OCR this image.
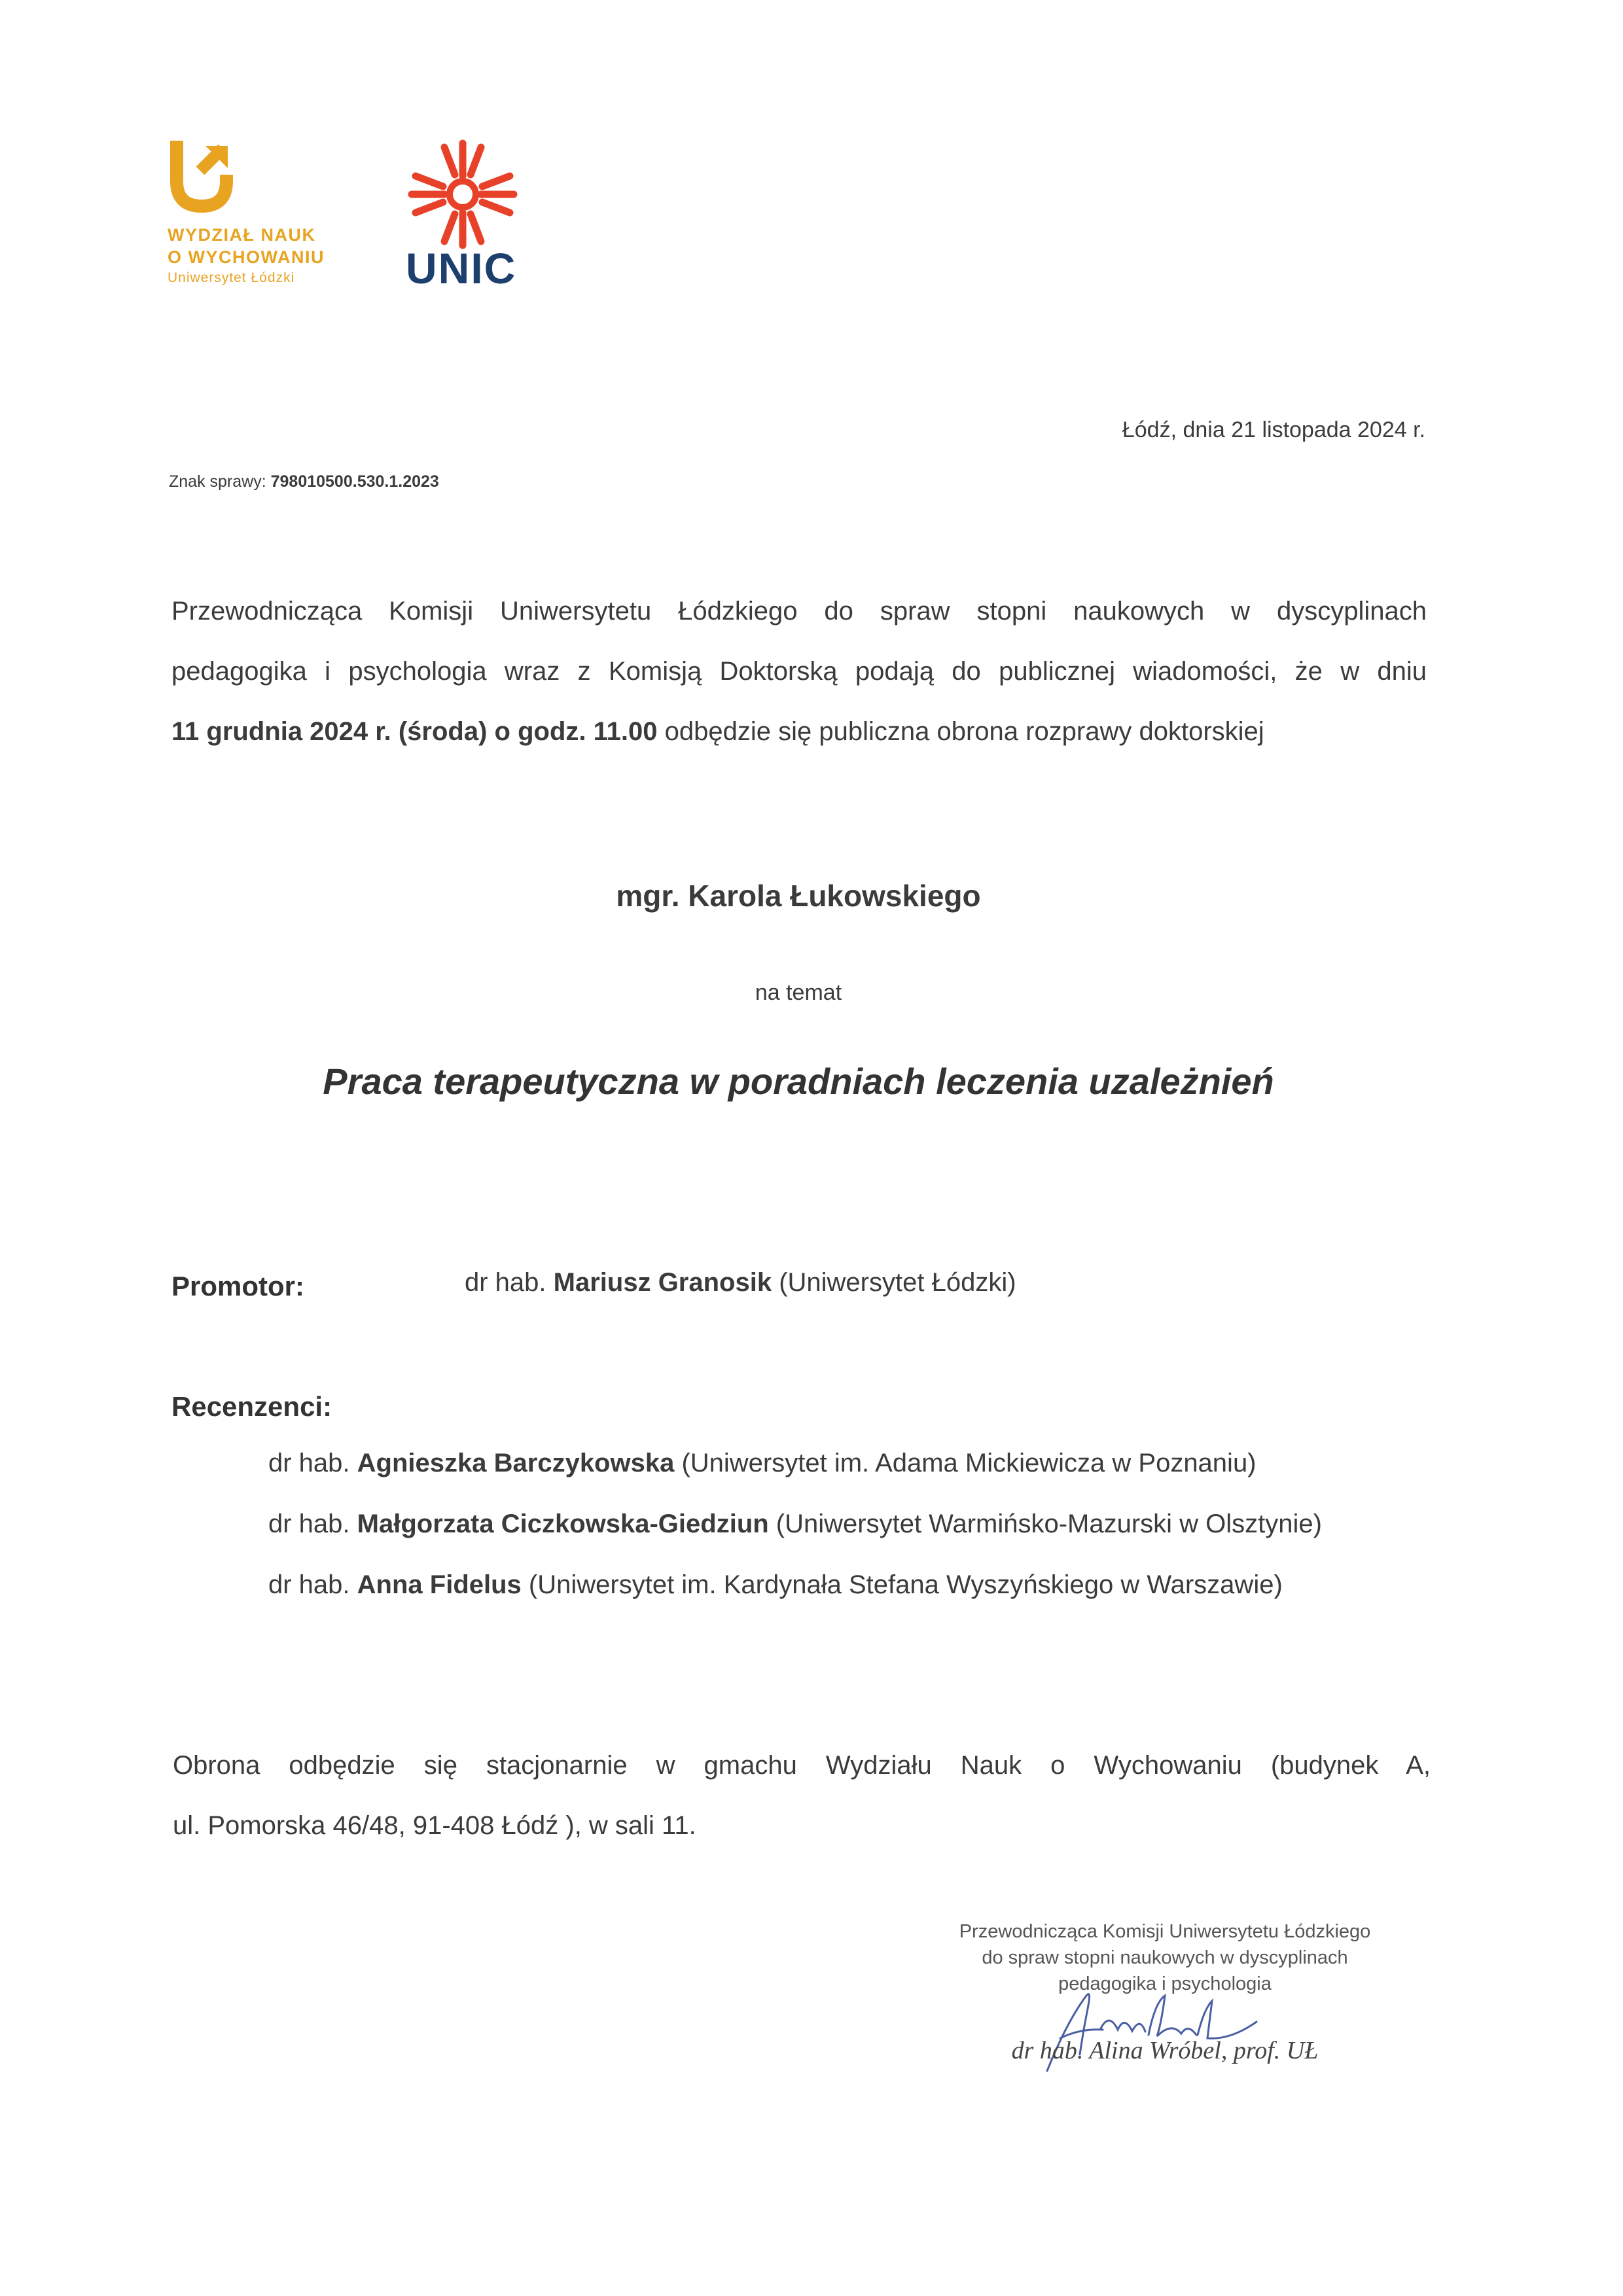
WYDZIAŁ NAUK
O WYCHOWANIU
Uniwersytet Łódzki	UNIC
Łódź, dnia 21 listopada 2024 r.
Znak sprawy: 798010500.530.1.2023
Przewodnicząca Komisji Uniwersytetu Łódzkiego do spraw stopni naukowych w dyscyplinach
pedagogika i psychologia wraz z Komisją Doktorską podają do publicznej wiadomości, że w dniu
11 grudnia 2024 r. (środa) o godz. 11.00 odbędzie się publiczna obrona rozprawy doktorskiej
mgr. Karola Łukowskiego
na temat
Praca terapeutyczna w poradniach leczenia uzależnień
Promotor:	dr hab. Mariusz Granosik (Uniwersytet Łódzki)
Recenzenci:
dr hab. Agnieszka Barczykowska (Uniwersytet im. Adama Mickiewicza w Poznaniu)
dr hab. Małgorzata Ciczkowska-Giedziun (Uniwersytet Warmińsko-Mazurski w Olsztynie)
dr hab. Anna Fidelus (Uniwersytet im. Kardynała Stefana Wyszyńskiego w Warszawie)
Obrona odbędzie się stacjonarnie w gmachu Wydziału Nauk o Wychowaniu (budynek A,
ul. Pomorska 46/48, 91-408 Łódź ), w sali 11.
Przewodnicząca Komisji Uniwersytetu Łódzkiego
do spraw stopni naukowych w dyscyplinach
pedagogika i psychologia
dr hab. Alina Wróbel, prof. UŁ
